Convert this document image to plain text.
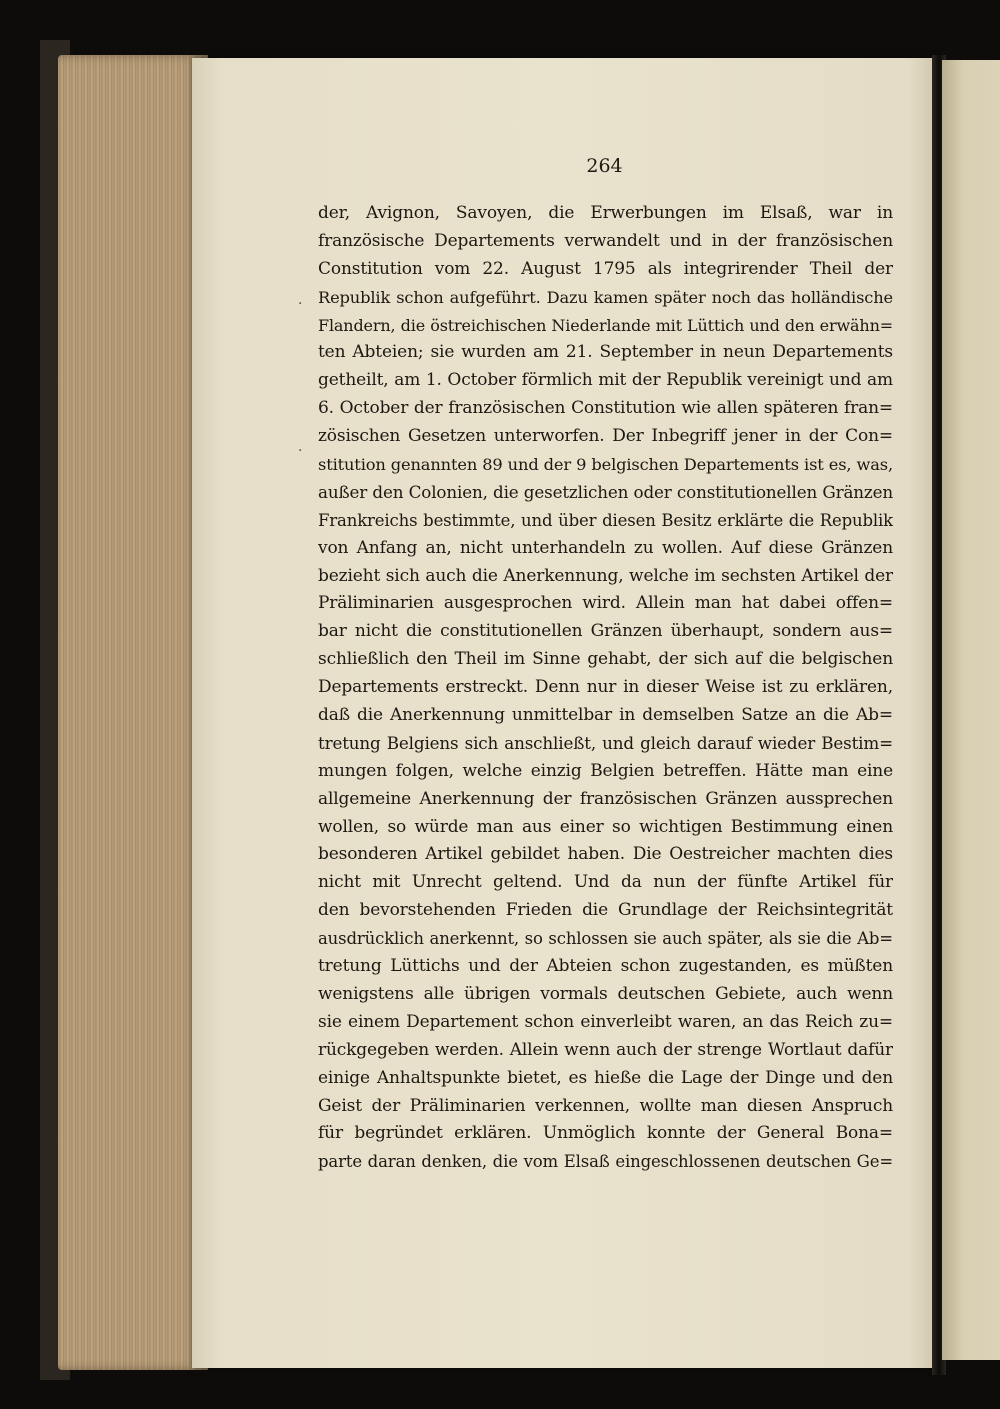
264
der, Avignon, Savoyen, die Erwerbungen im Elsaß, war in
französische Departements verwandelt und in der französischen
Constitution vom 22. August 1795 als integrirender Theil der
Republik schon aufgeführt. Dazu kamen später noch das holländische
Flandern, die östreichischen Niederlande mit Lüttich und den erwähn=
ten Abteien; sie wurden am 21. September in neun Departements
getheilt, am 1. October förmlich mit der Republik vereinigt und am
6. October der französischen Constitution wie allen späteren fran=
zösischen Gesetzen unterworfen. Der Inbegriff jener in der Con=
stitution genannten 89 und der 9 belgischen Departements ist es, was,
außer den Colonien, die gesetzlichen oder constitutionellen Gränzen
Frankreichs bestimmte, und über diesen Besitz erklärte die Republik
von Anfang an, nicht unterhandeln zu wollen. Auf diese Gränzen
bezieht sich auch die Anerkennung, welche im sechsten Artikel der
Präliminarien ausgesprochen wird. Allein man hat dabei offen=
bar nicht die constitutionellen Gränzen überhaupt, sondern aus=
schließlich den Theil im Sinne gehabt, der sich auf die belgischen
Departements erstreckt. Denn nur in dieser Weise ist zu erklären,
daß die Anerkennung unmittelbar in demselben Satze an die Ab=
tretung Belgiens sich anschließt, und gleich darauf wieder Bestim=
mungen folgen, welche einzig Belgien betreffen. Hätte man eine
allgemeine Anerkennung der französischen Gränzen aussprechen
wollen, so würde man aus einer so wichtigen Bestimmung einen
besonderen Artikel gebildet haben. Die Oestreicher machten dies
nicht mit Unrecht geltend. Und da nun der fünfte Artikel für
den bevorstehenden Frieden die Grundlage der Reichsintegrität
ausdrücklich anerkennt, so schlossen sie auch später, als sie die Ab=
tretung Lüttichs und der Abteien schon zugestanden, es müßten
wenigstens alle übrigen vormals deutschen Gebiete, auch wenn
sie einem Departement schon einverleibt waren, an das Reich zu=
rückgegeben werden. Allein wenn auch der strenge Wortlaut dafür
einige Anhaltspunkte bietet, es hieße die Lage der Dinge und den
Geist der Präliminarien verkennen, wollte man diesen Anspruch
für begründet erklären. Unmöglich konnte der General Bona=
parte daran denken, die vom Elsaß eingeschlossenen deutschen Ge=
·
·
